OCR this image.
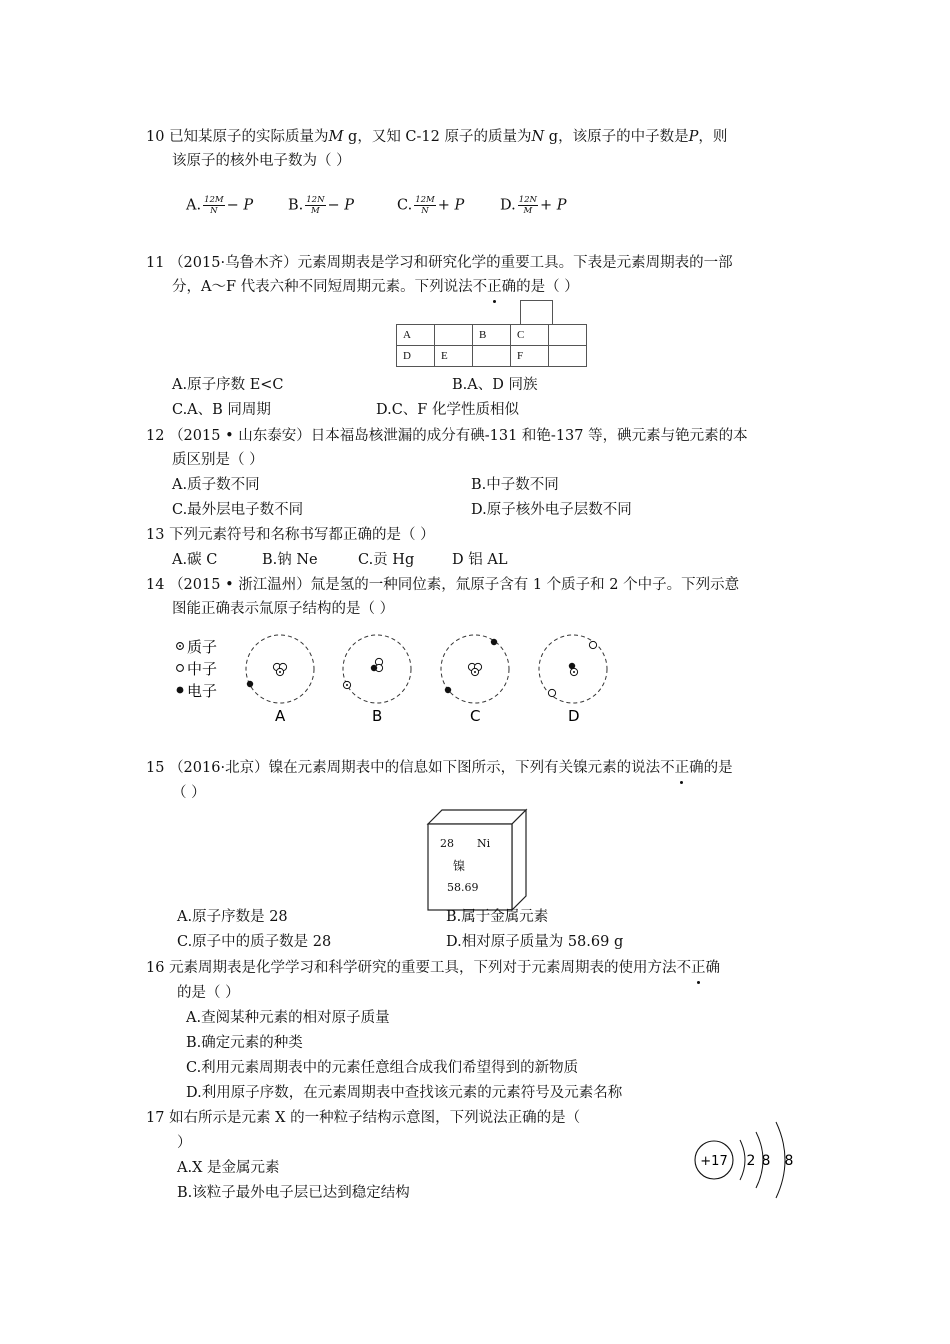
10 已知某原子的实际质量为M g，又知 C-12 原子的质量为N g，该原子的中子数是P，则
该原子的核外电子数为（ ）
A. $\frac{12M}{N} - P$ B. $\frac{12N}{M} - P$	C. $\frac{12M}{N} + P$ D. $\frac{12N}{M} + P$
11 （2015·乌鲁木齐）元素周期表是学习和研究化学的重要工具。下表是元素周期表的一部
分，A～F 代表六种不同短周期元素。下列说法不正确的是（ ）
A		B	C	
D	E		F	
A.原子序数 E<C	B.A、D 同族
C.A、B 同周期	D.C、F 化学性质相似
12 （2015 • 山东泰安）日本福岛核泄漏的成分有碘-131 和铯-137 等，碘元素与铯元素的本
质区别是（ ）
A.质子数不同	B.中子数不同
C.最外层电子数不同	D.原子核外电子层数不同
13 下列元素符号和名称书写都正确的是（ ）
A.碳 C	B.钠 Ne	C.贡 Hg	D 铝 AL
14 （2015 • 浙江温州）氚是氢的一种同位素，氚原子含有 1 个质子和 2 个中子。下列示意
图能正确表示氚原子结构的是（ ）
质子
中子
电子
A	B	C	D
15 （2016·北京）镍在元素周期表中的信息如下图所示，下列有关镍元素的说法不正确的是
（ ）
28 Ni
镍
58.69
A.原子序数是 28	B.属于金属元素
C.原子中的质子数是 28	D.相对原子质量为 58.69 g
16 元素周期表是化学学习和科学研究的重要工具，下列对于元素周期表的使用方法不正确
的是（ ）
A.查阅某种元素的相对原子质量
B.确定元素的种类
C.利用元素周期表中的元素任意组合成我们希望得到的新物质
D.利用原子序数，在元素周期表中查找该元素的元素符号及元素名称
17 如右所示是元素 X 的一种粒子结构示意图，下列说法正确的是（
）
A.X 是金属元素
B.该粒子最外电子层已达到稳定结构
+17 2 8 8
